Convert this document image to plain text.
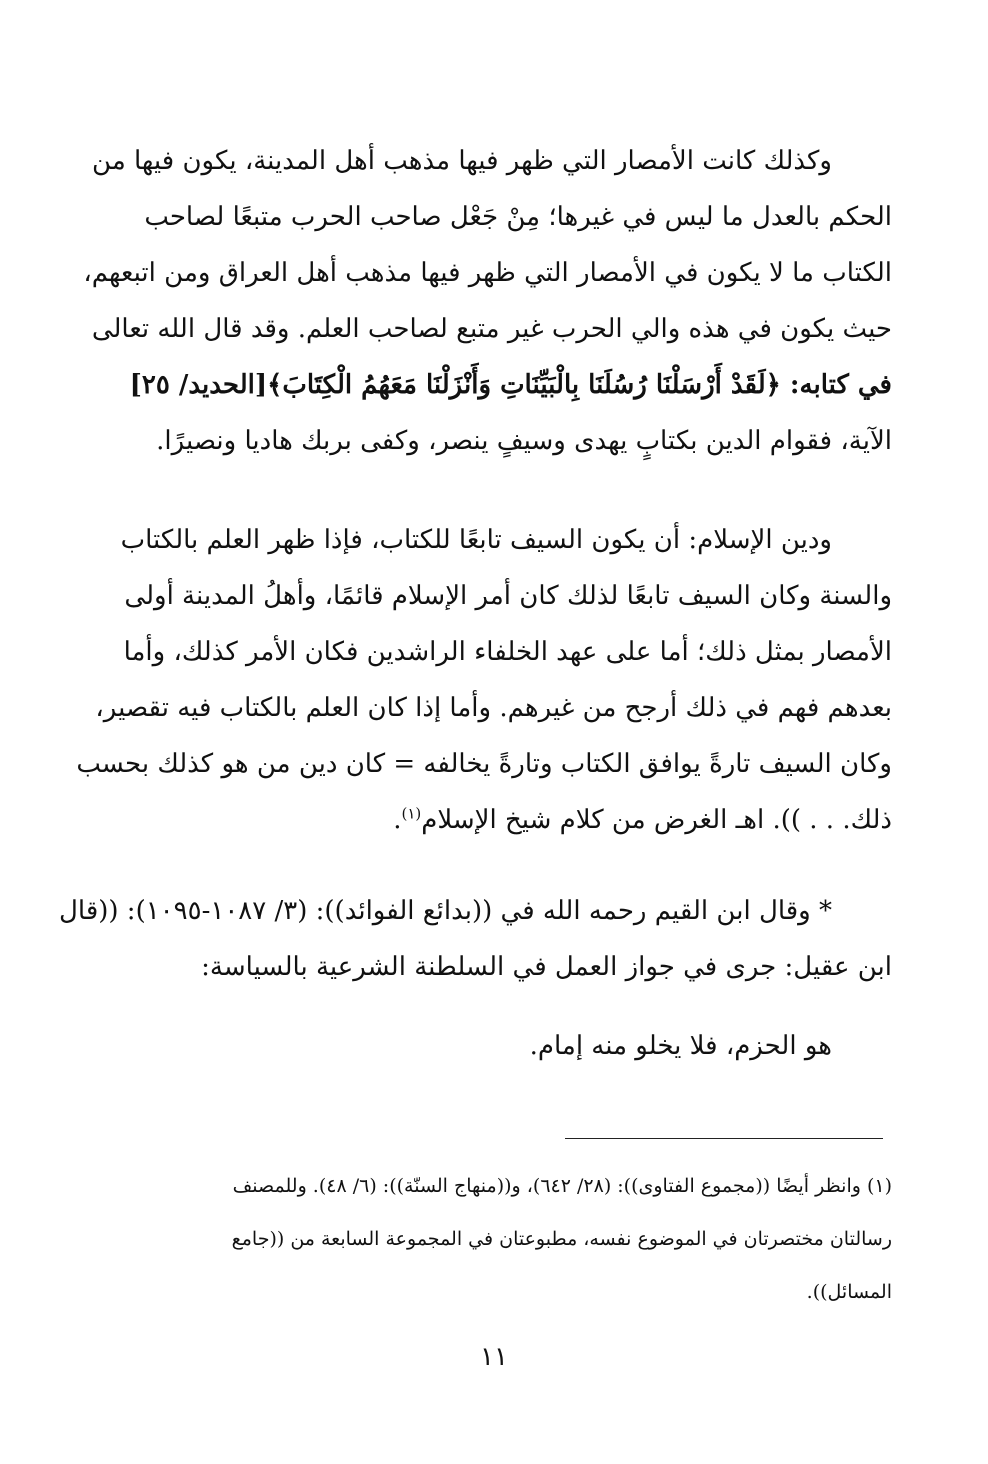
وكذلك كانت الأمصار التي ظهر فيها مذهب أهل المدينة، يكون فيها من
الحكم بالعدل ما ليس في غيرها؛ مِنْ جَعْل صاحب الحرب متبعًا لصاحب
الكتاب ما لا يكون في الأمصار التي ظهر فيها مذهب أهل العراق ومن اتبعهم،
حيث يكون في هذه والي الحرب غير متبع لصاحب العلم. وقد قال الله تعالى
في كتابه: ﴿لَقَدْ أَرْسَلْنَا رُسُلَنَا بِالْبَيِّنَاتِ وَأَنْزَلْنَا مَعَهُمُ الْكِتَابَ﴾[الحديد/ ٢٥]
الآية، فقوام الدين بكتابٍ يهدى وسيفٍ ينصر، وكفى بربك هاديا ونصيرًا.
ودين الإسلام: أن يكون السيف تابعًا للكتاب، فإذا ظهر العلم بالكتاب
والسنة وكان السيف تابعًا لذلك كان أمر الإسلام قائمًا، وأهلُ المدينة أولى
الأمصار بمثل ذلك؛ أما على عهد الخلفاء الراشدين فكان الأمر كذلك، وأما
بعدهم فهم في ذلك أرجح من غيرهم. وأما إذا كان العلم بالكتاب فيه تقصير،
وكان السيف تارةً يوافق الكتاب وتارةً يخالفه = كان دين من هو كذلك بحسب
ذلك. . . )). اهـ الغرض من كلام شيخ الإسلام$^{(١)}$.
* وقال ابن القيم رحمه الله في ((بدائع الفوائد)): (٣/ ١٠٨٧-١٠٩٥): ((قال
ابن عقيل: جرى في جواز العمل في السلطنة الشرعية بالسياسة:
هو الحزم، فلا يخلو منه إمام.
(١) وانظر أيضًا ((مجموع الفتاوى)): (٢٨/ ٦٤٢)، و((منهاج السنّة)): (٦/ ٤٨). وللمصنف
رسالتان مختصرتان في الموضوع نفسه، مطبوعتان في المجموعة السابعة من ((جامع
المسائل)).
١١
